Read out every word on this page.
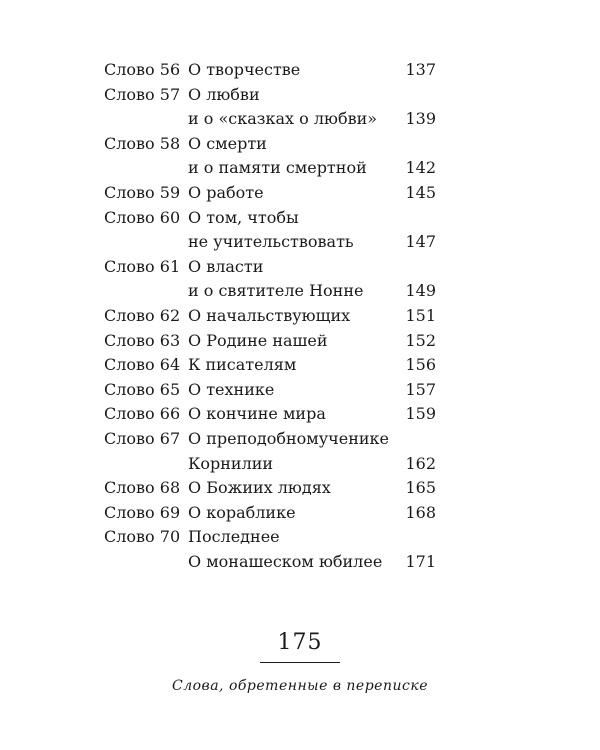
Слово 56 О творчестве	137
Слово 57 О любви
и о «сказках о любви»	139
Слово 58 О смерти
и о памяти смертной	142
Слово 59 О работе	145
Слово 60 О том, чтобы
не учительствовать	147
Слово 61 О власти
и о святителе Нонне	149
Слово 62 О начальствующих	151
Слово 63 О Родине нашей	152
Слово 64 К писателям	156
Слово 65 О технике	157
Слово 66 О кончине мира	159
Слово 67 О преподобномученике
Корнилии	162
Слово 68 О Божиих людях	165
Слово 69 О кораблике	168
Слово 70 Последнее
О монашеском юбилее	171
175
Слова, обретенные в переписке
